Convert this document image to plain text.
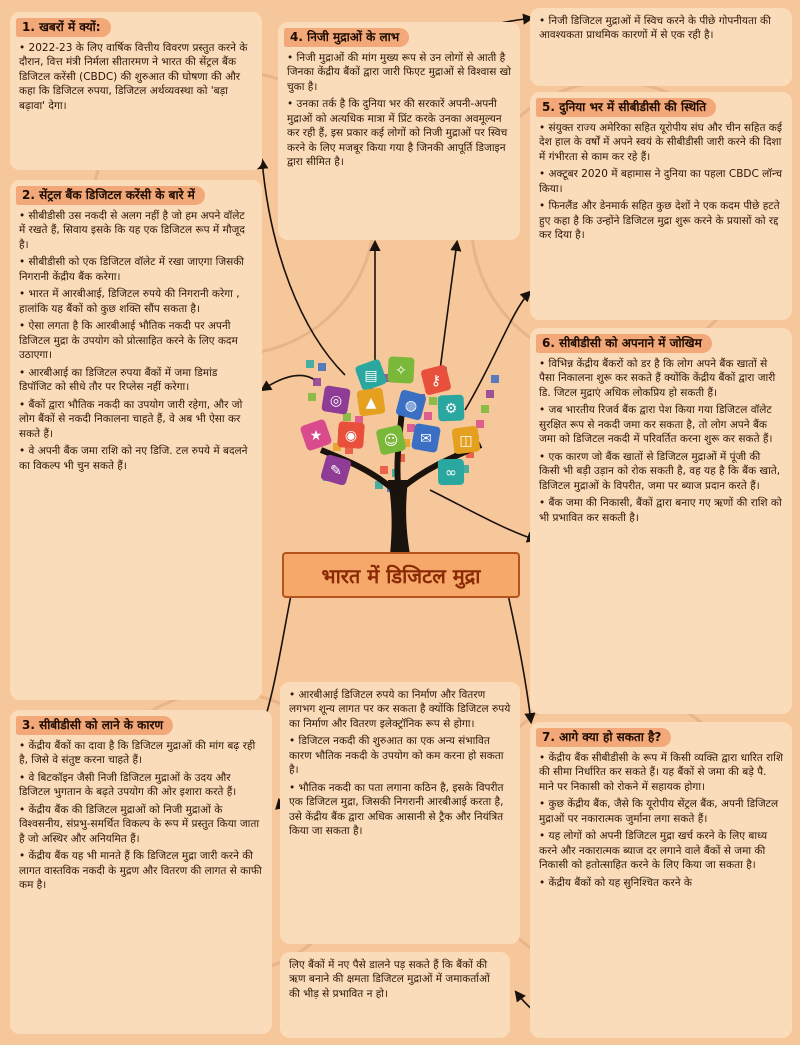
1. खबरों में क्यों:

• 2022-23 के लिए वार्षिक वित्तीय विवरण प्रस्तुत करने के दौरान, वित्त मंत्री निर्मला सीतारमण ने भारत की सेंट्रल बैंक डिजिटल करेंसी (CBDC) की शुरुआत की घोषणा की और कहा कि डिजिटल रुपया, डिजिटल अर्थव्यवस्था को 'बड़ा बढ़ावा' देगा।

2. सेंट्रल बैंक डिजिटल करेंसी के बारे में

• सीबीडीसी उस नकदी से अलग नहीं है जो हम अपने वॉलेट में रखते हैं, सिवाय इसके कि यह एक डिजिटल रूप में मौजूद है।

• सीबीडीसी को एक डिजिटल वॉलेट में रखा जाएगा जिसकी निगरानी केंद्रीय बैंक करेगा।

• भारत में आरबीआई, डिजिटल रुपये की निगरानी करेगा , हालांकि यह बैंकों को कुछ शक्ति सौंप सकता है।

• ऐसा लगता है कि आरबीआई भौतिक नकदी पर अपनी डिजिटल मुद्रा के उपयोग को प्रोत्साहित करने के लिए कदम उठाएगा।

• आरबीआई का डिजिटल रुपया बैंकों में जमा डिमांड डिपॉजिट को सीधे तौर पर रिप्लेस नहीं करेगा।

• बैंकों द्वारा भौतिक नकदी का उपयोग जारी रहेगा, और जो लोग बैंकों से नकदी निकालना चाहते हैं, वे अब भी ऐसा कर सकते हैं।

• वे अपनी बैंक जमा राशि को नए डिजि. टल रुपये में बदलने का विकल्प भी चुन सकते हैं।

3. सीबीडीसी को लाने के कारण

• केंद्रीय बैंकों का दावा है कि डिजिटल मुद्राओं की मांग बढ़ रही है, जिसे वे संतुष्ट करना चाहते हैं।

• वे बिटकॉइन जैसी निजी डिजिटल मुद्राओं के उदय और डिजिटल भुगतान के बढ़ते उपयोग की ओर इशारा करते हैं।

• केंद्रीय बैंक की डिजिटल मुद्राओं को निजी मुद्राओं के विश्वसनीय, संप्रभु-समर्थित विकल्प के रूप में प्रस्तुत किया जाता है जो अस्थिर और अनियमित हैं।

• केंद्रीय बैंक यह भी मानते हैं कि डिजिटल मुद्रा जारी करने की लागत वास्तविक नकदी के मुद्रण और वितरण की लागत से काफी कम है।

4. निजी मुद्राओं के लाभ

• निजी मुद्राओं की मांग मुख्य रूप से उन लोगों से आती है जिनका केंद्रीय बैंकों द्वारा जारी फिएट मुद्राओं से विश्वास खो चुका है।

• उनका तर्क है कि दुनिया भर की सरकारें अपनी-अपनी मुद्राओं को अत्यधिक मात्रा में प्रिंट करके उनका अवमूल्यन कर रही हैं, इस प्रकार कई लोगों को निजी मुद्राओं पर स्विच करने के लिए मजबूर किया गया है जिनकी आपूर्ति डिजाइन द्वारा सीमित है।

• निजी डिजिटल मुद्राओं में स्विच करने के पीछे गोपनीयता की आवश्यकता प्राथमिक कारणों में से एक रही है।

5. दुनिया भर में सीबीडीसी की स्थिति

• संयुक्त राज्य अमेरिका सहित यूरोपीय संघ और चीन सहित कई देश हाल के वर्षों में अपने स्वयं के सीबीडीसी जारी करने की दिशा में गंभीरता से काम कर रहे हैं।

• अक्टूबर 2020 में बहामास ने दुनिया का पहला CBDC लॉन्च किया।

• फिनलैंड और डेनमार्क सहित कुछ देशों ने एक कदम पीछे हटते हुए कहा है कि उन्होंने डिजिटल मुद्रा शुरू करने के प्रयासों को रद्द कर दिया है।

6. सीबीडीसी को अपनाने में जोखिम

• विभिन्न केंद्रीय बैंकरों को डर है कि लोग अपने बैंक खातों से पैसा निकालना शुरू कर सकते हैं क्योंकि केंद्रीय बैंकों द्वारा जारी डि. जिटल मुद्राएं अधिक लोकप्रिय हो सकती हैं।

• जब भारतीय रिजर्व बैंक द्वारा पेश किया गया डिजिटल वॉलेट सुरक्षित रूप से नकदी जमा कर सकता है, तो लोग अपने बैंक जमा को डिजिटल नकदी में परिवर्तित करना शुरू कर सकते हैं।

• एक कारण जो बैंक खातों से डिजिटल मुद्राओं में पूंजी की किसी भी बड़ी उड़ान को रोक सकती है, वह यह है कि बैंक खाते, डिजिटल मुद्राओं के विपरीत, जमा पर ब्याज प्रदान करते हैं।

• बैंक जमा की निकासी, बैंकों द्वारा बनाए गए ऋणों की राशि को भी प्रभावित कर सकती है।

7. आगे क्या हो सकता है?

• केंद्रीय बैंक सीबीडीसी के रूप में किसी व्यक्ति द्वारा धारित राशि की सीमा निर्धारित कर सकते हैं। यह बैंकों से जमा की बड़े पै. माने पर निकासी को रोकने में सहायक होगा।

• कुछ केंद्रीय बैंक, जैसे कि यूरोपीय सेंट्रल बैंक, अपनी डिजिटल मुद्राओं पर नकारात्मक जुर्माना लगा सकते हैं।

• यह लोगों को अपनी डिजिटल मुद्रा खर्च करने के लिए बाध्य करने और नकारात्मक ब्याज दर लगाने वाले बैंकों से जमा की निकासी को हतोत्साहित करने के लिए किया जा सकता है।

• केंद्रीय बैंकों को यह सुनिश्चित करने के

• आरबीआई डिजिटल रुपये का निर्माण और वितरण लगभग शून्य लागत पर कर सकता है क्योंकि डिजिटल रुपये का निर्माण और वितरण इलेक्ट्रॉनिक रूप से होगा।

• डिजिटल नकदी की शुरुआत का एक अन्य संभावित कारण भौतिक नकदी के उपयोग को कम करना हो सकता है।

• भौतिक नकदी का पता लगाना कठिन है, इसके विपरीत एक डिजिटल मुद्रा, जिसकी निगरानी आरबीआई करता है, उसे केंद्रीय बैंक द्वारा अधिक आसानी से ट्रैक और नियंत्रित किया जा सकता है।

लिए बैंकों में नए पैसे डालने पड़ सकते हैं कि बैंकों की ऋण बनाने की क्षमता डिजिटल मुद्राओं में जमाकर्ताओं की भीड़ से प्रभावित न हो।

▤ ✧
⚷
◎ ▲ ◍ ⚙
★ ◉ ☺ ✉ ◫
✎	∞
भारत में डिजिटल मुद्रा
